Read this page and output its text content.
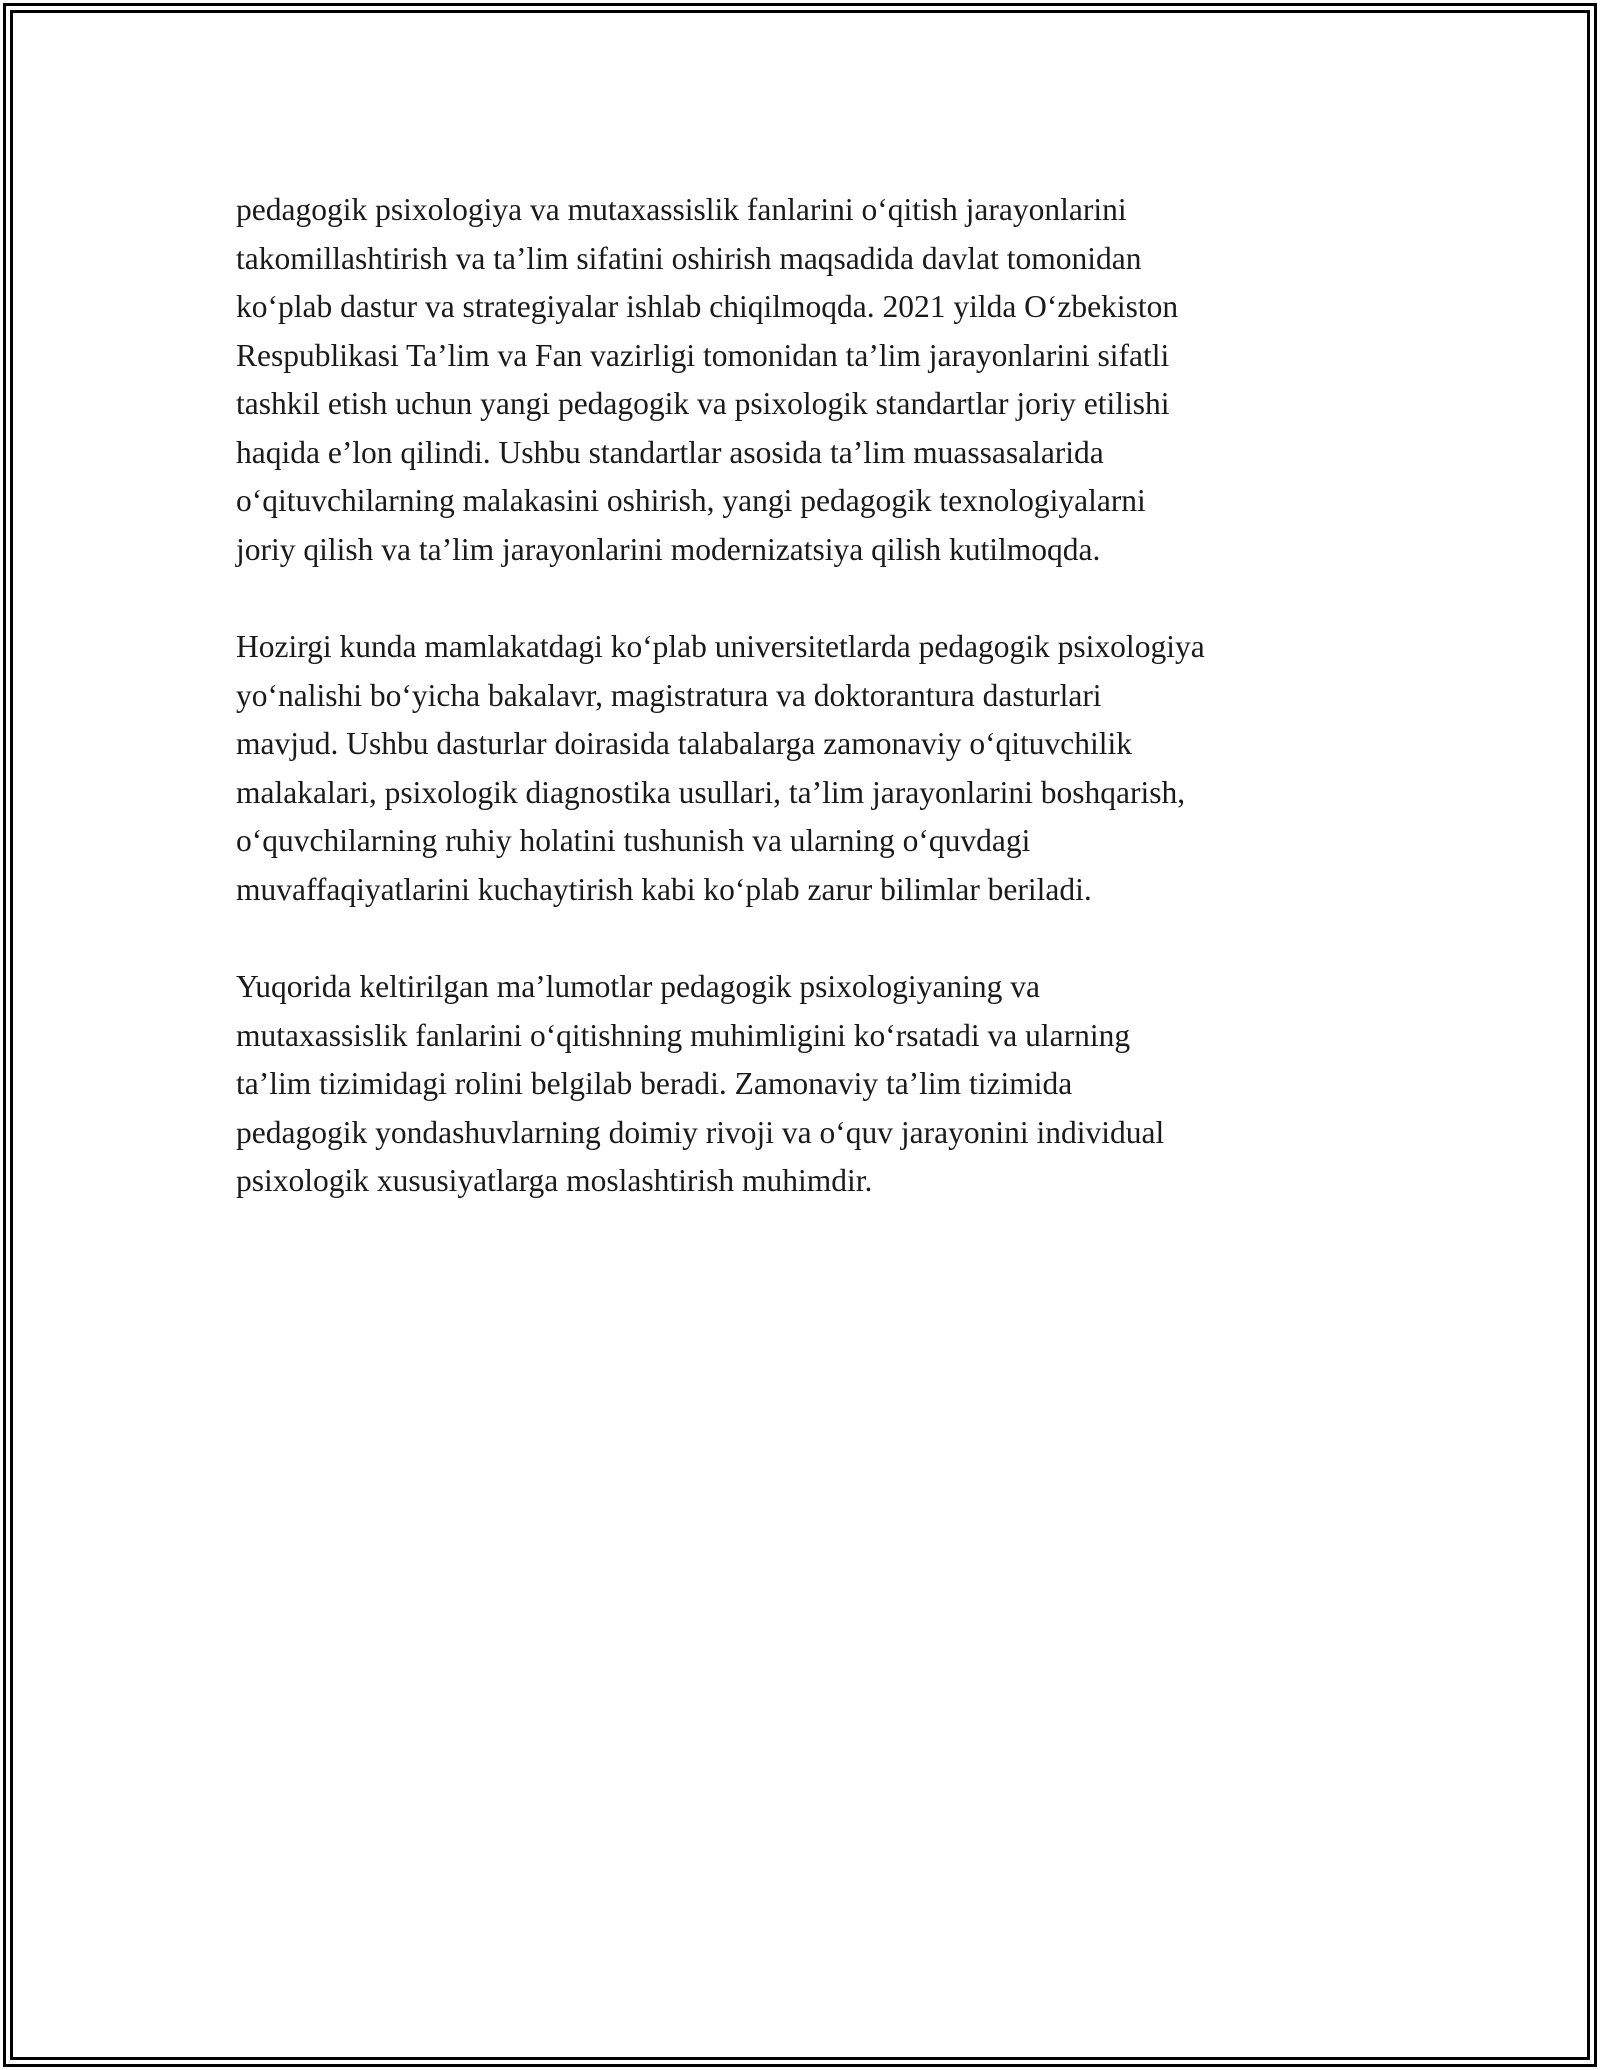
pedagogik psixologiya va mutaxassislik fanlarini o‘qitish jarayonlarini
takomillashtirish va ta’lim sifatini oshirish maqsadida davlat tomonidan
ko‘plab dastur va strategiyalar ishlab chiqilmoqda. 2021 yilda O‘zbekiston
Respublikasi Ta’lim va Fan vazirligi tomonidan ta’lim jarayonlarini sifatli
tashkil etish uchun yangi pedagogik va psixologik standartlar joriy etilishi
haqida e’lon qilindi. Ushbu standartlar asosida ta’lim muassasalarida
o‘qituvchilarning malakasini oshirish, yangi pedagogik texnologiyalarni
joriy qilish va ta’lim jarayonlarini modernizatsiya qilish kutilmoqda.

Hozirgi kunda mamlakatdagi ko‘plab universitetlarda pedagogik psixologiya
yo‘nalishi bo‘yicha bakalavr, magistratura va doktorantura dasturlari
mavjud. Ushbu dasturlar doirasida talabalarga zamonaviy o‘qituvchilik
malakalari, psixologik diagnostika usullari, ta’lim jarayonlarini boshqarish,
o‘quvchilarning ruhiy holatini tushunish va ularning o‘quvdagi
muvaffaqiyatlarini kuchaytirish kabi ko‘plab zarur bilimlar beriladi.

Yuqorida keltirilgan ma’lumotlar pedagogik psixologiyaning va
mutaxassislik fanlarini o‘qitishning muhimligini ko‘rsatadi va ularning
ta’lim tizimidagi rolini belgilab beradi. Zamonaviy ta’lim tizimida
pedagogik yondashuvlarning doimiy rivoji va o‘quv jarayonini individual
psixologik xususiyatlarga moslashtirish muhimdir.
